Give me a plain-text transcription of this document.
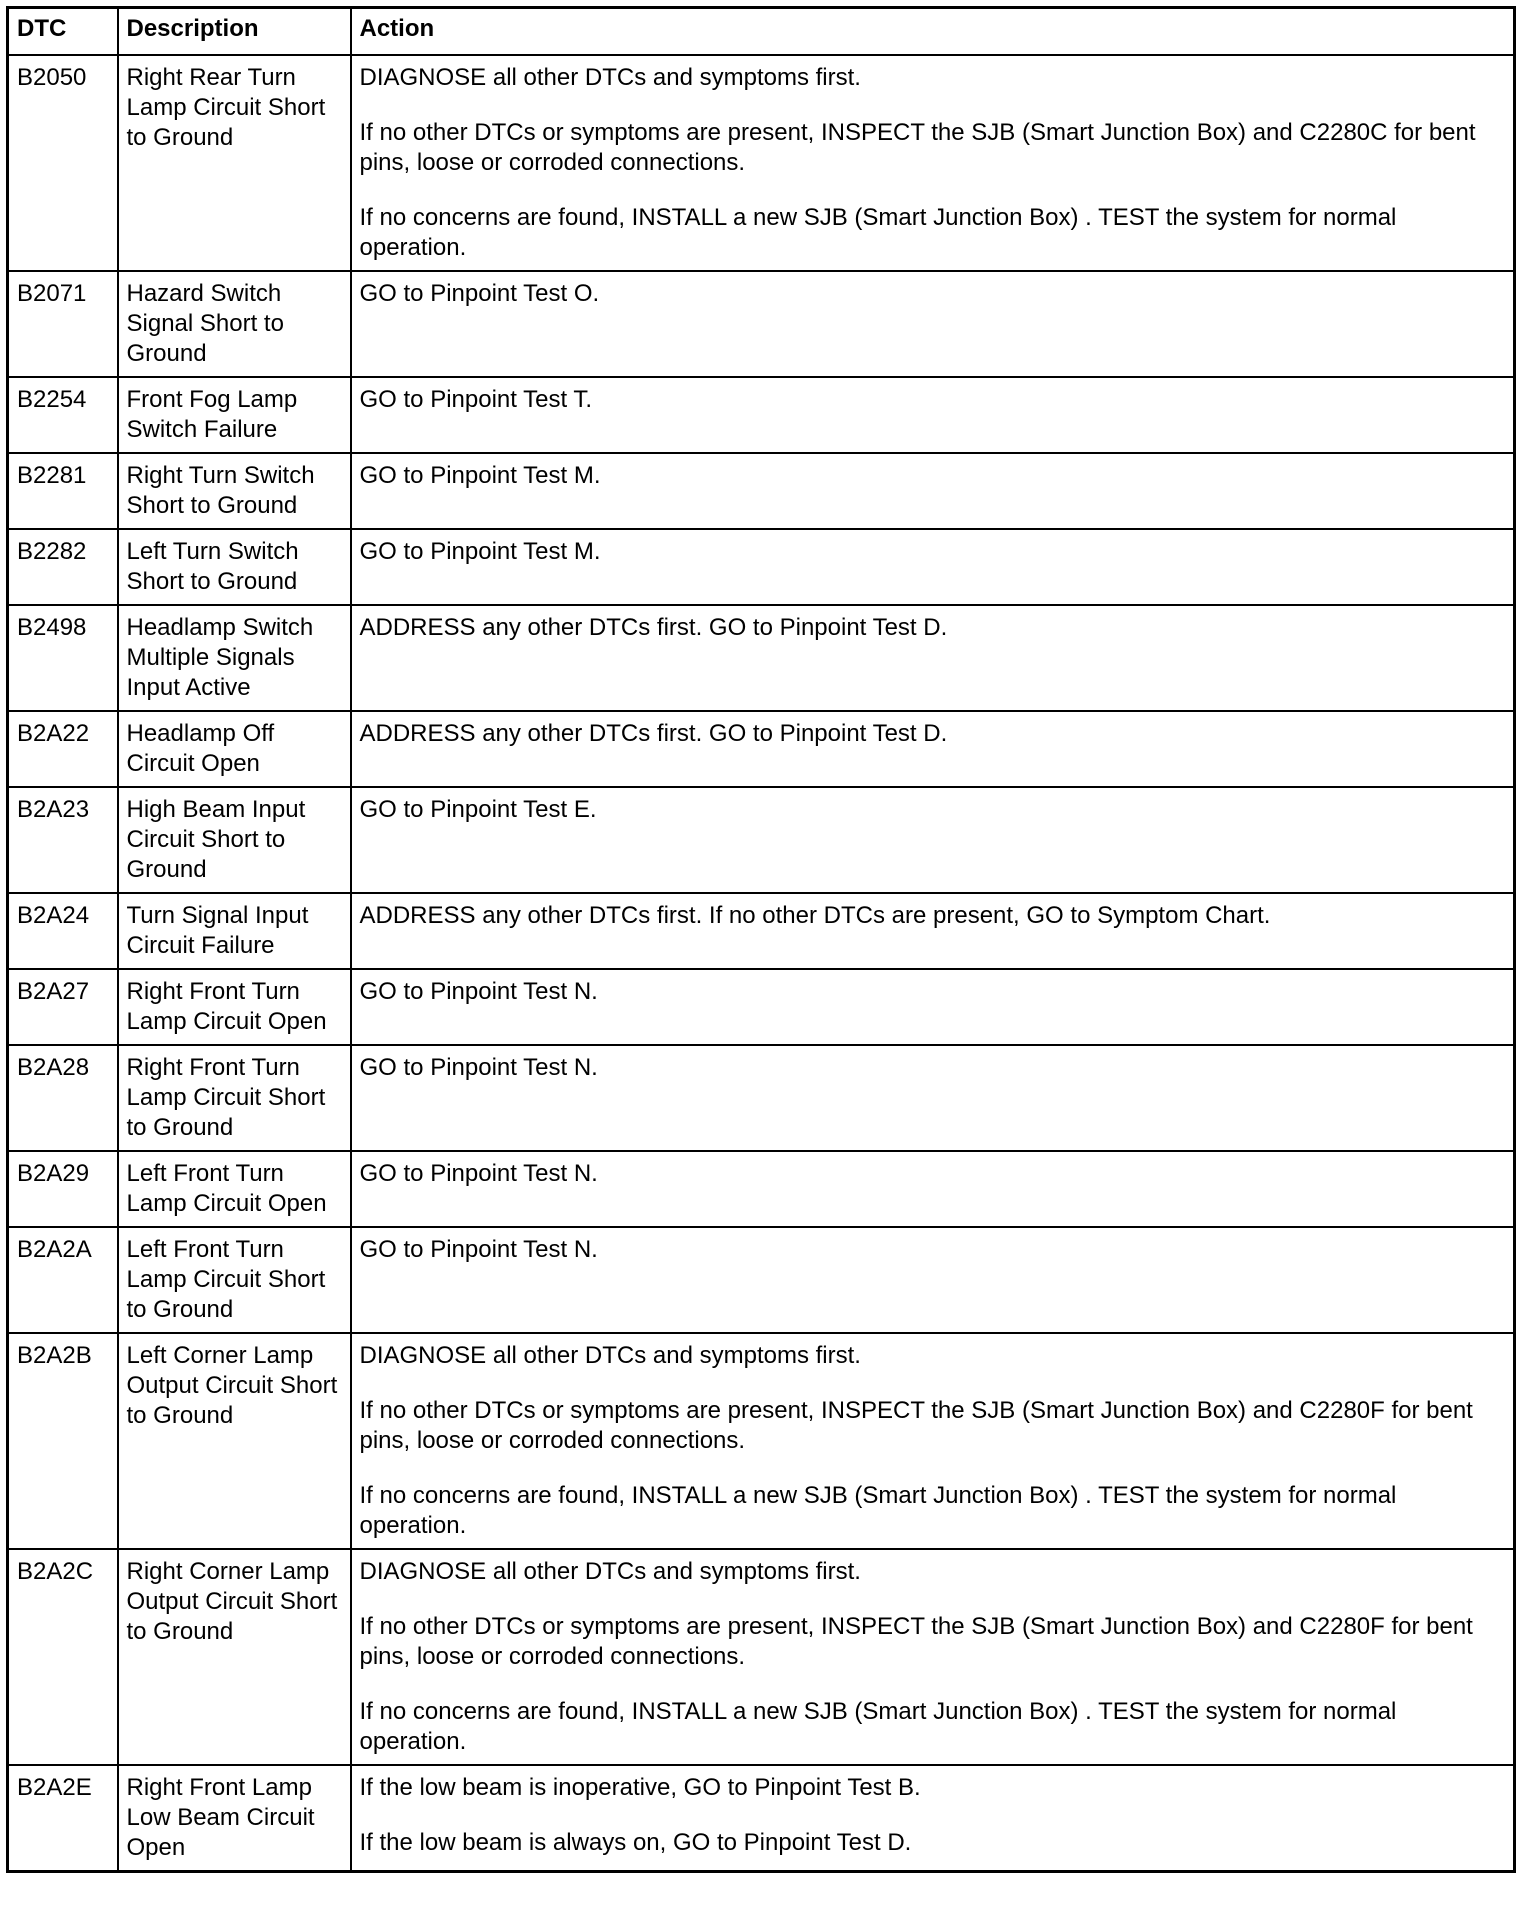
DTC	Description	Action
B2050	Right Rear Turn Lamp Circuit Short to Ground	DIAGNOSE all other DTCs and symptoms first.
If no other DTCs or symptoms are present, INSPECT the SJB (Smart Junction Box) and C2280C for bent pins, loose or corroded connections.
If no concerns are found, INSTALL a new SJB (Smart Junction Box) . TEST the system for normal operation.

B2071	Hazard Switch Signal Short to Ground	GO to Pinpoint Test O.

B2254	Front Fog Lamp Switch Failure	GO to Pinpoint Test T.

B2281	Right Turn Switch Short to Ground	GO to Pinpoint Test M.

B2282	Left Turn Switch Short to Ground	GO to Pinpoint Test M.

B2498	Headlamp Switch Multiple Signals Input Active	ADDRESS any other DTCs first. GO to Pinpoint Test D.

B2A22	Headlamp Off Circuit Open	ADDRESS any other DTCs first. GO to Pinpoint Test D.

B2A23	High Beam Input Circuit Short to Ground	GO to Pinpoint Test E.

B2A24	Turn Signal Input Circuit Failure	ADDRESS any other DTCs first. If no other DTCs are present, GO to Symptom Chart.

B2A27	Right Front Turn Lamp Circuit Open	GO to Pinpoint Test N.

B2A28	Right Front Turn Lamp Circuit Short to Ground	GO to Pinpoint Test N.

B2A29	Left Front Turn Lamp Circuit Open	GO to Pinpoint Test N.

B2A2A	Left Front Turn Lamp Circuit Short to Ground	GO to Pinpoint Test N.

B2A2B	Left Corner Lamp Output Circuit Short to Ground	DIAGNOSE all other DTCs and symptoms first.
If no other DTCs or symptoms are present, INSPECT the SJB (Smart Junction Box) and C2280F for bent pins, loose or corroded connections.
If no concerns are found, INSTALL a new SJB (Smart Junction Box) . TEST the system for normal operation.

B2A2C	Right Corner Lamp Output Circuit Short to Ground	DIAGNOSE all other DTCs and symptoms first.
If no other DTCs or symptoms are present, INSPECT the SJB (Smart Junction Box) and C2280F for bent pins, loose or corroded connections.
If no concerns are found, INSTALL a new SJB (Smart Junction Box) . TEST the system for normal operation.

B2A2E	Right Front Lamp Low Beam Circuit Open	If the low beam is inoperative, GO to Pinpoint Test B.
If the low beam is always on, GO to Pinpoint Test D.
